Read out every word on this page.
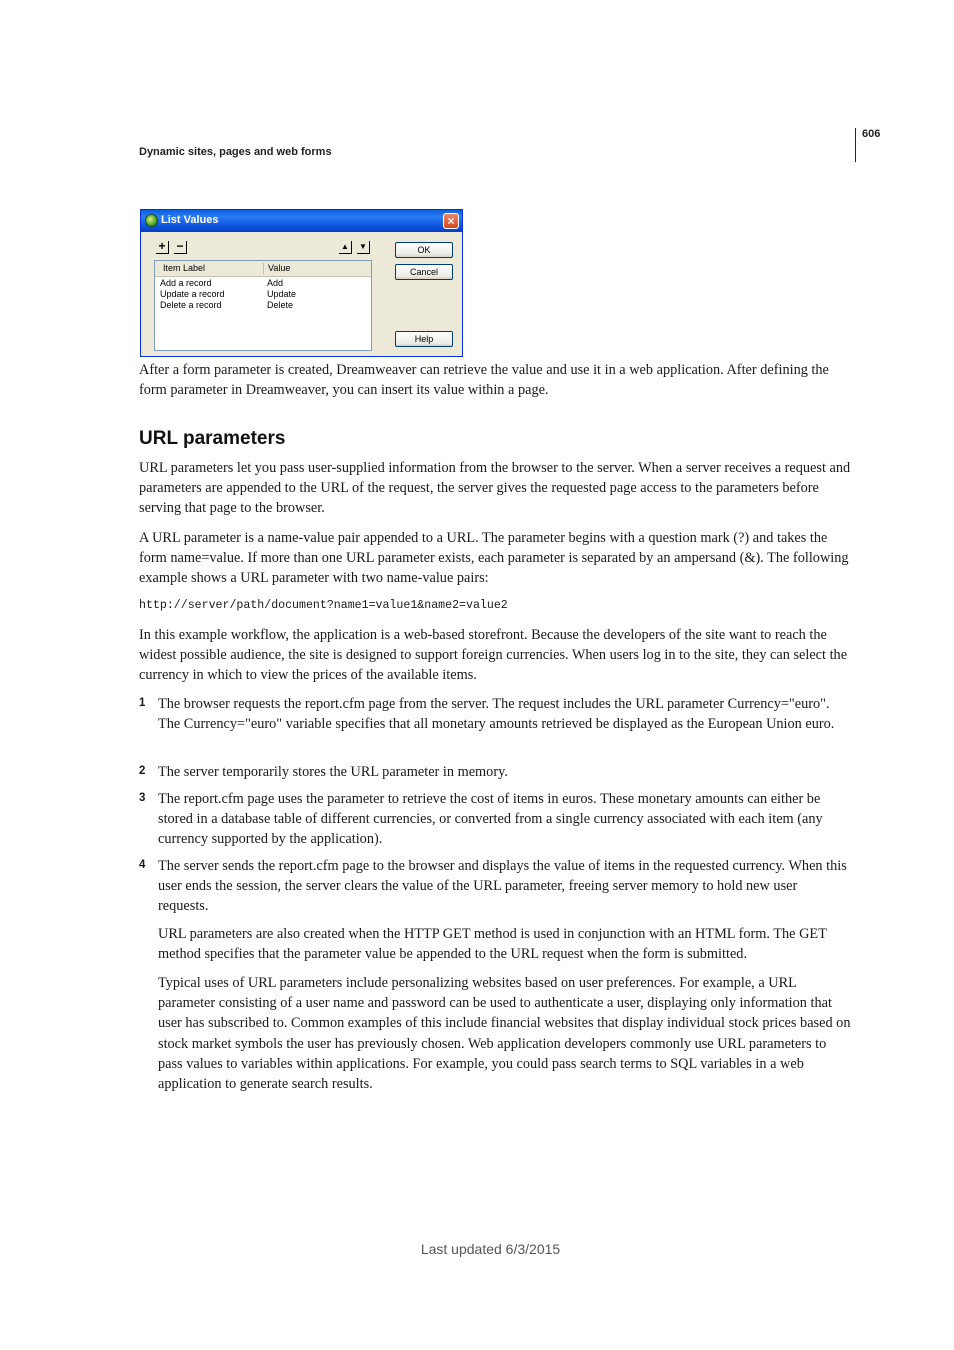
Dynamic sites, pages and web forms
606
List Values	×
+ −	▲	▼
Item Label	Value
Add a record	Add
Update a record	Update
Delete a record	Delete
OK
Cancel
Help

After a form parameter is created, Dreamweaver can retrieve the value and use it in a web application. After defining the form parameter in Dreamweaver, you can insert its value within a page.

URL parameters

URL parameters let you pass user-supplied information from the browser to the server. When a server receives a request and parameters are appended to the URL of the request, the server gives the requested page access to the parameters before serving that page to the browser.

A URL parameter is a name-value pair appended to a URL. The parameter begins with a question mark (?) and takes the form name=value. If more than one URL parameter exists, each parameter is separated by an ampersand (&). The following example shows a URL parameter with two name-value pairs:

http://server/path/document?name1=value1&name2=value2

In this example workflow, the application is a web-based storefront. Because the developers of the site want to reach the widest possible audience, the site is designed to support foreign currencies. When users log in to the site, they can select the currency in which to view the prices of the available items.

1 The browser requests the report.cfm page from the server. The request includes the URL parameter Currency="euro". The Currency="euro" variable specifies that all monetary amounts retrieved be displayed as the European Union euro.

2 The server temporarily stores the URL parameter in memory.

3 The report.cfm page uses the parameter to retrieve the cost of items in euros. These monetary amounts can either be stored in a database table of different currencies, or converted from a single currency associated with each item (any currency supported by the application).

4 The server sends the report.cfm page to the browser and displays the value of items in the requested currency. When this user ends the session, the server clears the value of the URL parameter, freeing server memory to hold new user requests.

URL parameters are also created when the HTTP GET method is used in conjunction with an HTML form. The GET method specifies that the parameter value be appended to the URL request when the form is submitted.

Typical uses of URL parameters include personalizing websites based on user preferences. For example, a URL parameter consisting of a user name and password can be used to authenticate a user, displaying only information that user has subscribed to. Common examples of this include financial websites that display individual stock prices based on stock market symbols the user has previously chosen. Web application developers commonly use URL parameters to pass values to variables within applications. For example, you could pass search terms to SQL variables in a web application to generate search results.

Last updated 6/3/2015
